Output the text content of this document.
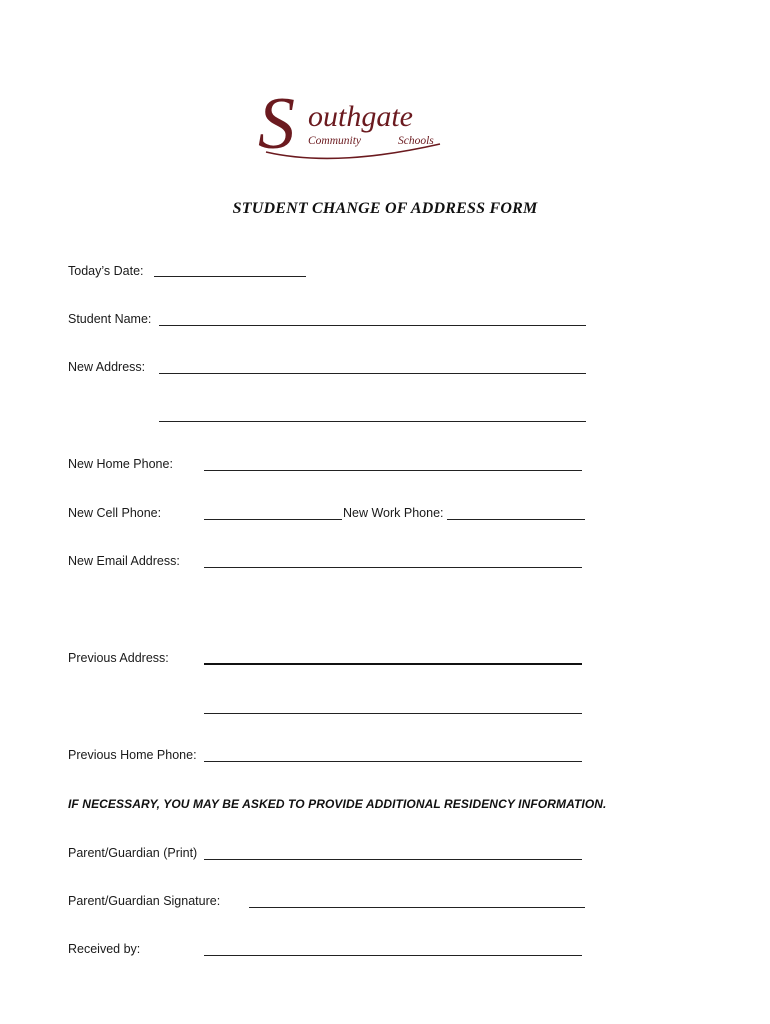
S outhgate
Community	Schools
STUDENT CHANGE OF ADDRESS FORM
Today’s Date:
Student Name:
New Address:
New Home Phone:
New Cell Phone:	New Work Phone:
New Email Address:
Previous Address:
Previous Home Phone:
IF NECESSARY, YOU MAY BE ASKED TO PROVIDE ADDITIONAL RESIDENCY INFORMATION.
Parent/Guardian (Print)
Parent/Guardian Signature:
Received by:
